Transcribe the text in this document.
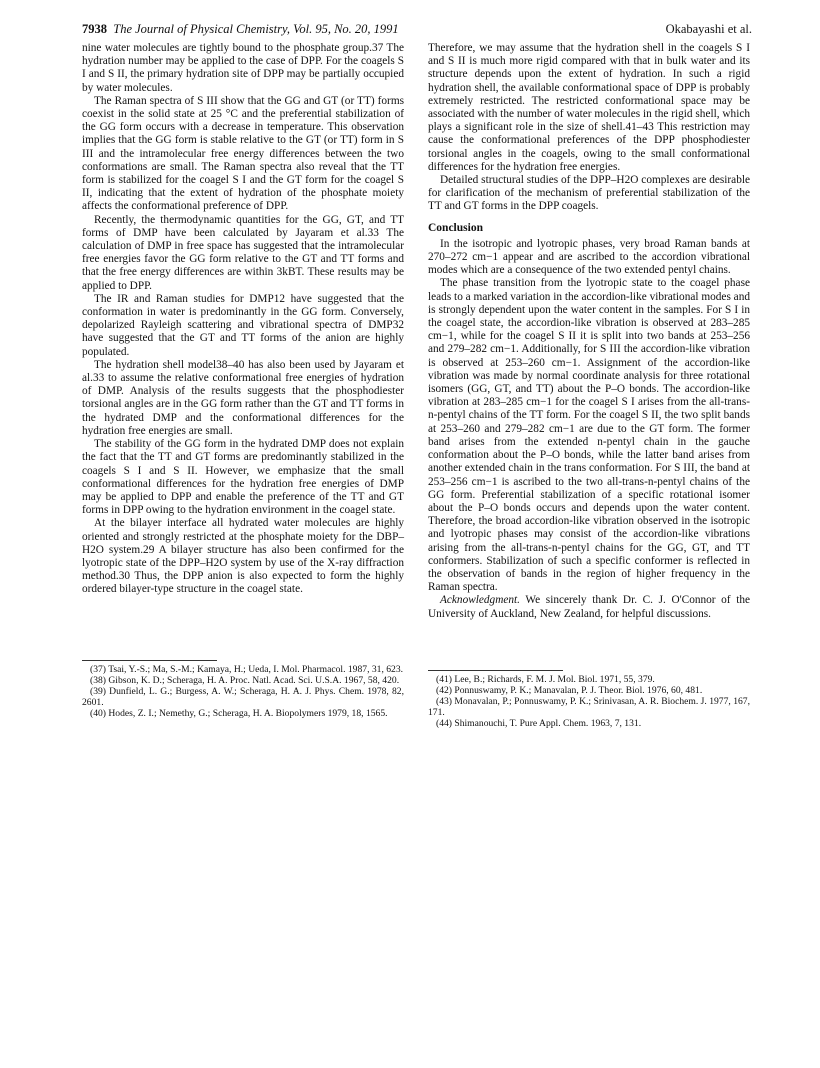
7938 The Journal of Physical Chemistry, Vol. 95, No. 20, 1991	Okabayashi et al.

nine water molecules are tightly bound to the phosphate group.37 The hydration number may be applied to the case of DPP. For the coagels S I and S II, the primary hydration site of DPP may be partially occupied by water molecules.

The Raman spectra of S III show that the GG and GT (or TT) forms coexist in the solid state at 25 °C and the preferential stabilization of the GG form occurs with a decrease in temperature. This observation implies that the GG form is stable relative to the GT (or TT) form in S III and the intramolecular free energy differences between the two conformations are small. The Raman spectra also reveal that the TT form is stabilized for the coagel S I and the GT form for the coagel S II, indicating that the extent of hydration of the phosphate moiety affects the conformational preference of DPP.

Recently, the thermodynamic quantities for the GG, GT, and TT forms of DMP have been calculated by Jayaram et al.33 The calculation of DMP in free space has suggested that the intramolecular free energies favor the GG form relative to the GT and TT forms and that the free energy differences are within 3kBT. These results may be applied to DPP.

The IR and Raman studies for DMP12 have suggested that the conformation in water is predominantly in the GG form. Conversely, depolarized Rayleigh scattering and vibrational spectra of DMP32 have suggested that the GT and TT forms of the anion are highly populated.

The hydration shell model38–40 has also been used by Jayaram et al.33 to assume the relative conformational free energies of hydration of DMP. Analysis of the results suggests that the phosphodiester torsional angles are in the GG form rather than the GT and TT forms in the hydrated DMP and the conformational differences for the hydration free energies are small.

The stability of the GG form in the hydrated DMP does not explain the fact that the TT and GT forms are predominantly stabilized in the coagels S I and S II. However, we emphasize that the small conformational differences for the hydration free energies of DMP may be applied to DPP and enable the preference of the TT and GT forms in DPP owing to the hydration environment in the coagel state.

At the bilayer interface all hydrated water molecules are highly oriented and strongly restricted at the phosphate moiety for the DBP–H2O system.29 A bilayer structure has also been confirmed for the lyotropic state of the DPP–H2O system by use of the X-ray diffraction method.30 Thus, the DPP anion is also expected to form the highly ordered bilayer-type structure in the coagel state.

Therefore, we may assume that the hydration shell in the coagels S I and S II is much more rigid compared with that in bulk water and its structure depends upon the extent of hydration. In such a rigid hydration shell, the available conformational space of DPP is probably extremely restricted. The restricted conformational space may be associated with the number of water molecules in the rigid shell, which plays a significant role in the size of shell.41–43 This restriction may cause the conformational preferences of the DPP phosphodiester torsional angles in the coagels, owing to the small conformational differences for the hydration free energies.

Detailed structural studies of the DPP–H2O complexes are desirable for clarification of the mechanism of preferential stabilization of the TT and GT forms in the DPP coagels.

Conclusion

In the isotropic and lyotropic phases, very broad Raman bands at 270–272 cm−1 appear and are ascribed to the accordion vibrational modes which are a consequence of the two extended pentyl chains.

The phase transition from the lyotropic state to the coagel phase leads to a marked variation in the accordion-like vibrational modes and is strongly dependent upon the water content in the samples. For S I in the coagel state, the accordion-like vibration is observed at 283–285 cm−1, while for the coagel S II it is split into two bands at 253–256 and 279–282 cm−1. Additionally, for S III the accordion-like vibration is observed at 253–260 cm−1. Assignment of the accordion-like vibration was made by normal coordinate analysis for three rotational isomers (GG, GT, and TT) about the P–O bonds. The accordion-like vibration at 283–285 cm−1 for the coagel S I arises from the all-trans-n-pentyl chains of the TT form. For the coagel S II, the two split bands at 253–260 and 279–282 cm−1 are due to the GT form. The former band arises from the extended n-pentyl chain in the gauche conformation about the P–O bonds, while the latter band arises from another extended chain in the trans conformation. For S III, the band at 253–256 cm−1 is ascribed to the two all-trans-n-pentyl chains of the GG form. Preferential stabilization of a specific rotational isomer about the P–O bonds occurs and depends upon the water content. Therefore, the broad accordion-like vibration observed in the isotropic and lyotropic phases may consist of the accordion-like vibrations arising from the all-trans-n-pentyl chains for the GG, GT, and TT conformers. Stabilization of such a specific conformer is reflected in the observation of bands in the region of higher frequency in the Raman spectra.

Acknowledgment. We sincerely thank Dr. C. J. O'Connor of the University of Auckland, New Zealand, for helpful discussions.

(37) Tsai, Y.-S.; Ma, S.-M.; Kamaya, H.; Ueda, I. Mol. Pharmacol. 1987, 31, 623.

(38) Gibson, K. D.; Scheraga, H. A. Proc. Natl. Acad. Sci. U.S.A. 1967, 58, 420.

(39) Dunfield, L. G.; Burgess, A. W.; Scheraga, H. A. J. Phys. Chem. 1978, 82, 2601.

(40) Hodes, Z. I.; Nemethy, G.; Scheraga, H. A. Biopolymers 1979, 18, 1565.

(41) Lee, B.; Richards, F. M. J. Mol. Biol. 1971, 55, 379.

(42) Ponnuswamy, P. K.; Manavalan, P. J. Theor. Biol. 1976, 60, 481.

(43) Monavalan, P.; Ponnuswamy, P. K.; Srinivasan, A. R. Biochem. J. 1977, 167, 171.

(44) Shimanouchi, T. Pure Appl. Chem. 1963, 7, 131.
